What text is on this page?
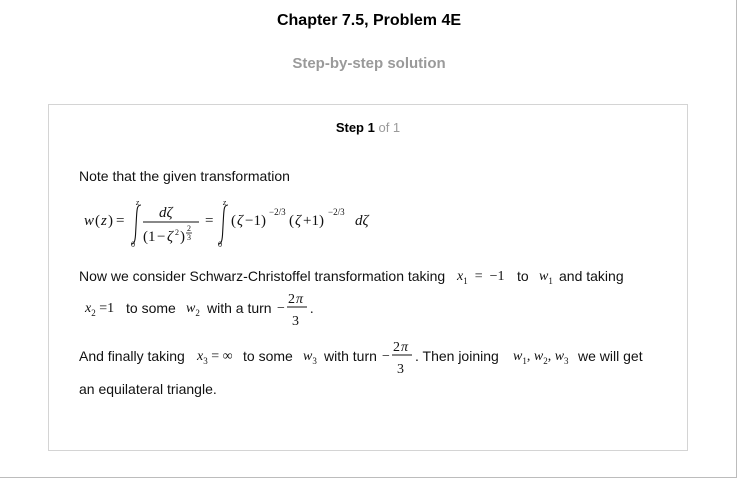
Chapter 7.5, Problem 4E
Step-by-step solution
Step 1 of 1
Note that the given transformation
w ( z ) =
z
0
dζ
(1 − ζ 2 )
2
3
=
z
0
( ζ −1)
−2/3
( ζ +1)
−2/3
dζ
Now we consider Schwarz-Christoffel transformation taking $x_1 = -1$ to $w_1$ and taking
$x_2 =1$ to some $w_2$ with a turn −
2 π
3
.
And finally taking $x_3$ = ∞ to some $w_3$ with turn −
2 π
3
. Then joining $w_1$, $w_2$, $w_3$ we will get
an equilateral triangle.
